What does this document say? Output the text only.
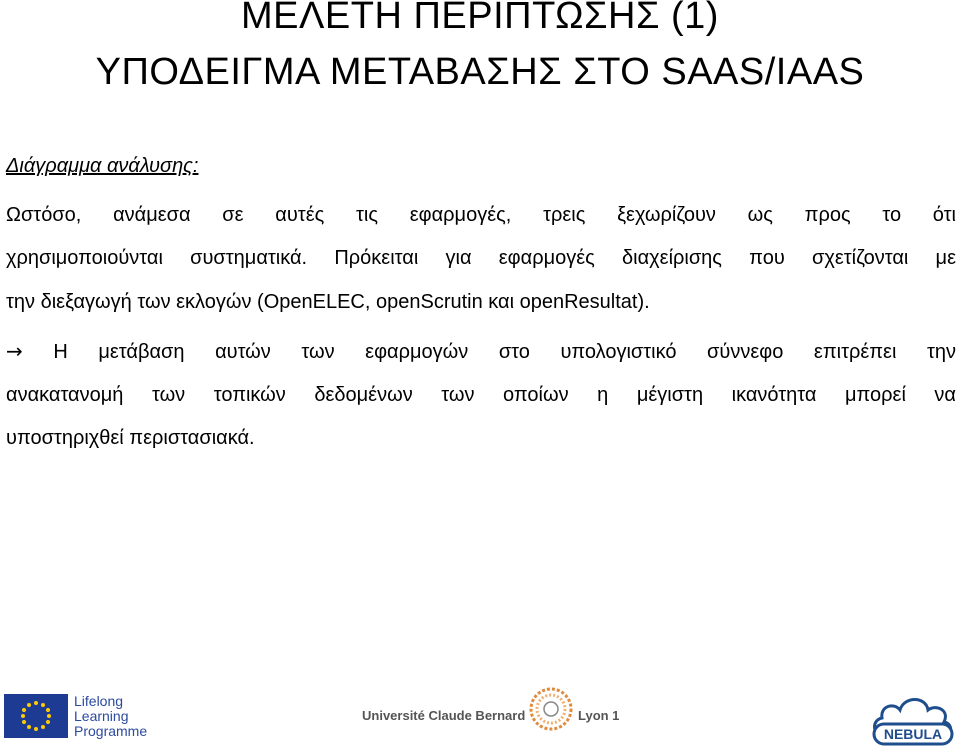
ΜΕΛΕΤΗ ΠΕΡΙΠΤΩΣΗΣ (1)
ΥΠΟΔΕΙΓΜΑ ΜΕΤΑΒΑΣΗΣ ΣΤΟ SAAS/IAAS
Διάγραμμα ανάλυσης:
Ωστόσο, ανάμεσα σε αυτές τις εφαρμογές, τρεις ξεχωρίζουν ως προς το ότι
χρησιμοποιούνται συστηματικά. Πρόκειται για εφαρμογές διαχείρισης που σχετίζονται με
την διεξαγωγή των εκλογών (OpenELEC, openScrutin και openResultat).
→ Η μετάβαση αυτών των εφαρμογών στο υπολογιστικό σύννεφο επιτρέπει την
ανακατανομή των τοπικών δεδομένων των οποίων η μέγιστη ικανότητα μπορεί να
υποστηριχθεί περιστασιακά.
Lifelong
Learning
Programme
Université Claude Bernard	Lyon 1
NEBULA
